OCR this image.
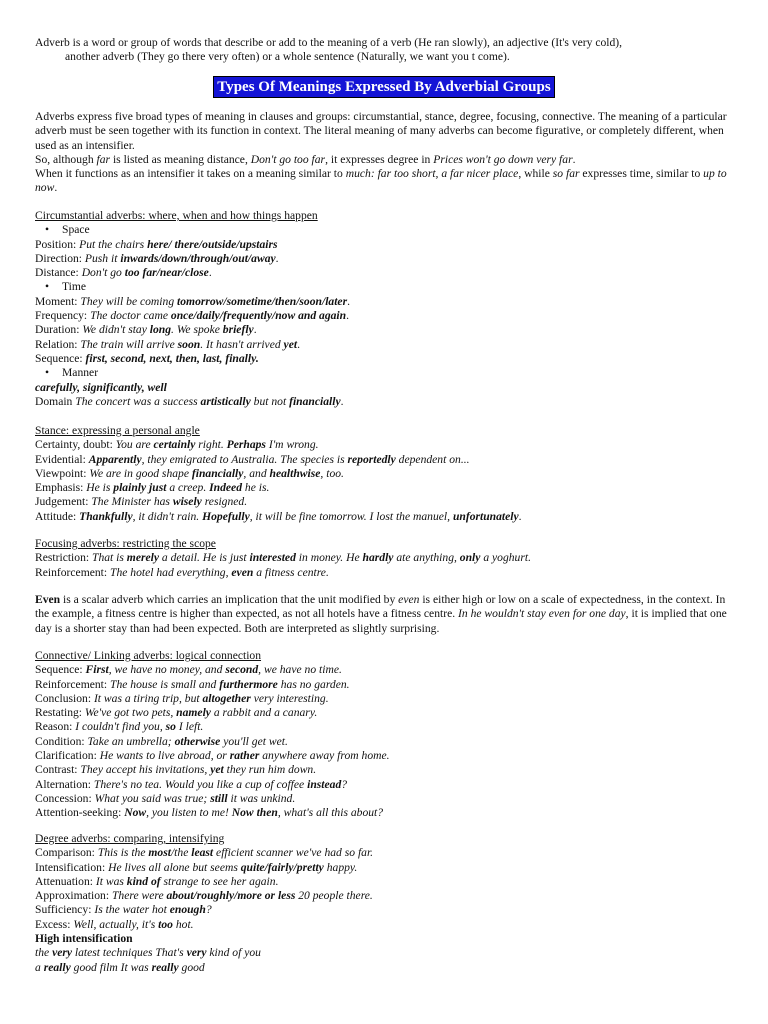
Adverb is a word or group of words that describe or add to the meaning of a verb (He ran slowly), an adjective (It's very cold),
another adverb (They go there very often) or a whole sentence (Naturally, we want you t come).
Types Of Meanings Expressed By Adverbial Groups
Adverbs express five broad types of meaning in clauses and groups: circumstantial, stance, degree, focusing, connective. The meaning of a particular adverb must be seen together with its function in context. The literal meaning of many adverbs can become figurative, or completely different, when used as an intensifier.
So, although far is listed as meaning distance, Don't go too far, it expresses degree in Prices won't go down very far.
When it functions as an intensifier it takes on a meaning similar to much: far too short, a far nicer place, while so far expresses time, similar to up to now.
Circumstantial adverbs: where, when and how things happen
• Space
Position: Put the chairs here/ there/outside/upstairs
Direction: Push it inwards/down/through/out/away.
Distance: Don't go too far/near/close.
• Time
Moment: They will be coming tomorrow/sometime/then/soon/later.
Frequency: The doctor came once/daily/frequently/now and again.
Duration: We didn't stay long. We spoke briefly.
Relation: The train will arrive soon. It hasn't arrived yet.
Sequence: first, second, next, then, last, finally.
• Manner
carefully, significantly, well
Domain The concert was a success artistically but not financially.
Stance: expressing a personal angle
Certainty, doubt: You are certainly right. Perhaps I'm wrong.
Evidential: Apparently, they emigrated to Australia. The species is reportedly dependent on...
Viewpoint: We are in good shape financially, and healthwise, too.
Emphasis: He is plainly just a creep. Indeed he is.
Judgement: The Minister has wisely resigned.
Attitude: Thankfully, it didn't rain. Hopefully, it will be fine tomorrow. I lost the manuel, unfortunately.
Focusing adverbs: restricting the scope
Restriction: That is merely a detail. He is just interested in money. He hardly ate anything, only a yoghurt.
Reinforcement: The hotel had everything, even a fitness centre.
Even is a scalar adverb which carries an implication that the unit modified by even is either high or low on a scale of expectedness, in the context. In the example, a fitness centre is higher than expected, as not all hotels have a fitness centre. In he wouldn't stay even for one day, it is implied that one day is a shorter stay than had been expected. Both are interpreted as slightly surprising.
Connective/ Linking adverbs: logical connection
Sequence: First, we have no money, and second, we have no time.
Reinforcement: The house is small and furthermore has no garden.
Conclusion: It was a tiring trip, but altogether very interesting.
Restating: We've got two pets, namely a rabbit and a canary.
Reason: I couldn't find you, so I left.
Condition: Take an umbrella; otherwise you'll get wet.
Clarification: He wants to live abroad, or rather anywhere away from home.
Contrast: They accept his invitations, yet they run him down.
Alternation: There's no tea. Would you like a cup of coffee instead?
Concession: What you said was true; still it was unkind.
Attention-seeking: Now, you listen to me! Now then, what's all this about?
Degree adverbs: comparing, intensifying
Comparison: This is the most/the least efficient scanner we've had so far.
Intensification: He lives all alone but seems quite/fairly/pretty happy.
Attenuation: It was kind of strange to see her again.
Approximation: There were about/roughly/more or less 20 people there.
Sufficiency: Is the water hot enough?
Excess: Well, actually, it's too hot.
High intensification
the very latest techniques That's very kind of you
a really good film It was really good
